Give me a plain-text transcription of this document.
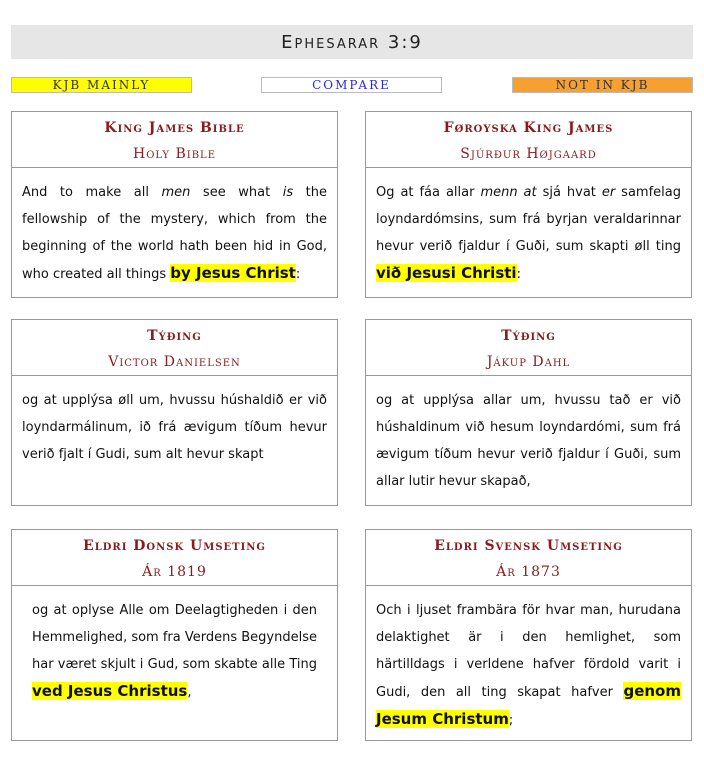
Ephesarar 3:9
KJB MAINLY	COMPARE	NOT IN KJB
King James Bible
Holy Bible
And to make all men see what is the fellowship of the mystery, which from the beginning of the world hath been hid in God, who created all things by Jesus Christ:
Føroyska King James
Sjúrður Højgaard
Og at fáa allar menn at sjá hvat er samfelag loyndardómsins, sum frá byrjan veraldarinnar hevur verið fjaldur í Guði, sum skapti øll ting við Jesusi Christi:
Týðing
Victor Danielsen
og at upplýsa øll um, hvussu húshaldið er við loyndarmálinum, ið frá ævigum tíðum hevur verið fjalt í Gudi, sum alt hevur skapt
Týðing
Jákup Dahl
og at upplýsa allar um, hvussu tað er við húshaldinum við hesum loyndardómi, sum frá ævigum tíðum hevur verið fjaldur í Guði, sum allar lutir hevur skapað,
Eldri Donsk Umseting
Ár 1819
og at oplyse Alle om Deelagtigheden i den Hemmelighed, som fra Verdens Begyndelse har været skjult i Gud, som skabte alle Ting ved Jesus Christus,
Eldri Svensk Umseting
Ár 1873
Och i ljuset frambära för hvar man, hurudana delaktighet är i den hemlighet, som härtilldags i verldene hafver fördold varit i Gudi, den all ting skapat hafver genom Jesum Christum;
